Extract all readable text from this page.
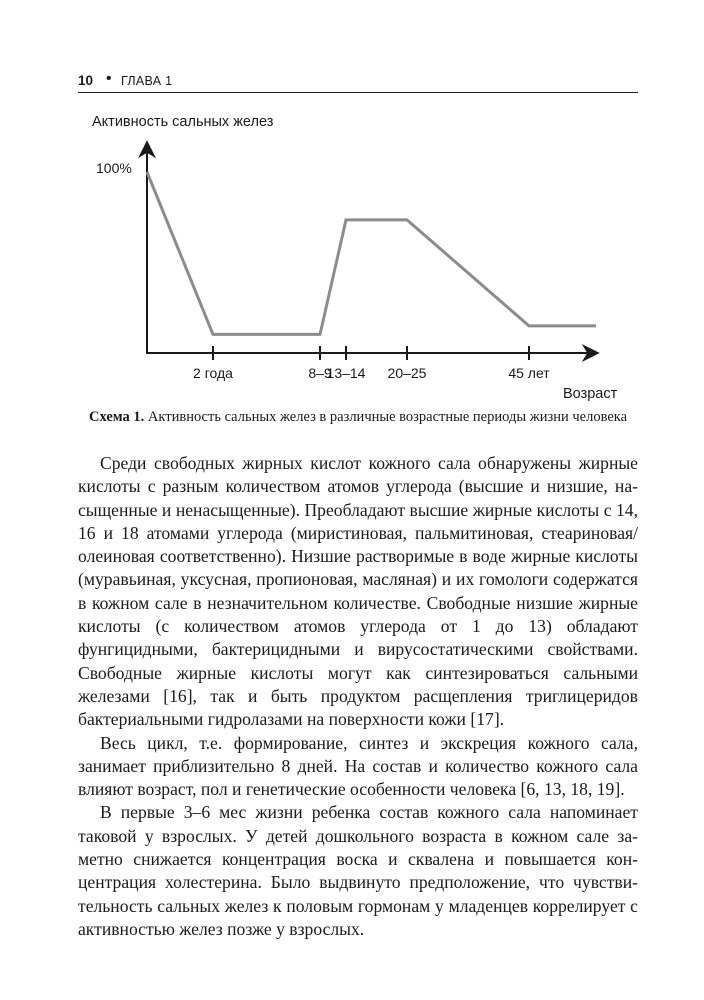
10 • ГЛАВА 1
Активность сальных желез
100%
2 года	8–9
13–14 20–25	45 лет
Возраст
Схема 1. Активность сальных желез в различные возрастные периоды жизни человека

Среди свободных жирных кислот кожного сала обнаружены жирные кислоты с разным количеством атомов углерода (высшие и низшие, насыщенные и ненасыщенные). Преобладают высшие жирные кислоты с 14, 16 и 18 атомами углерода (миристиновая, пальмитиновая, стеариновая/олеиновая соответственно). Низшие растворимые в воде жирные кислоты (муравьиная, уксусная, пропионовая, масляная) и их гомологи содержатся в кожном сале в незначительном количестве. Свободные низшие жирные кислоты (с количеством атомов углерода от 1 до 13) обладают фунгицидными, бактерицидными и вирусостатическими свойствами. Свободные жирные кислоты могут как синтезироваться сальными железами [16], так и быть продуктом расщепления триглицеридов бактериальными гидролазами на поверхности кожи [17].

Весь цикл, т.е. формирование, синтез и экскреция кожного сала, занимает приблизительно 8 дней. На состав и количество кожного сала влияют возраст, пол и генетические особенности человека [6, 13, 18, 19].

В первые 3–6 мес жизни ребенка состав кожного сала напоминает таковой у взрослых. У детей дошкольного возраста в кожном сале заметно снижается концентрация воска и сквалена и повышается концентрация холестерина. Было выдвинуто предположение, что чувствительность сальных желез к половым гормонам у младенцев коррелирует с активностью желез позже у взрослых.
